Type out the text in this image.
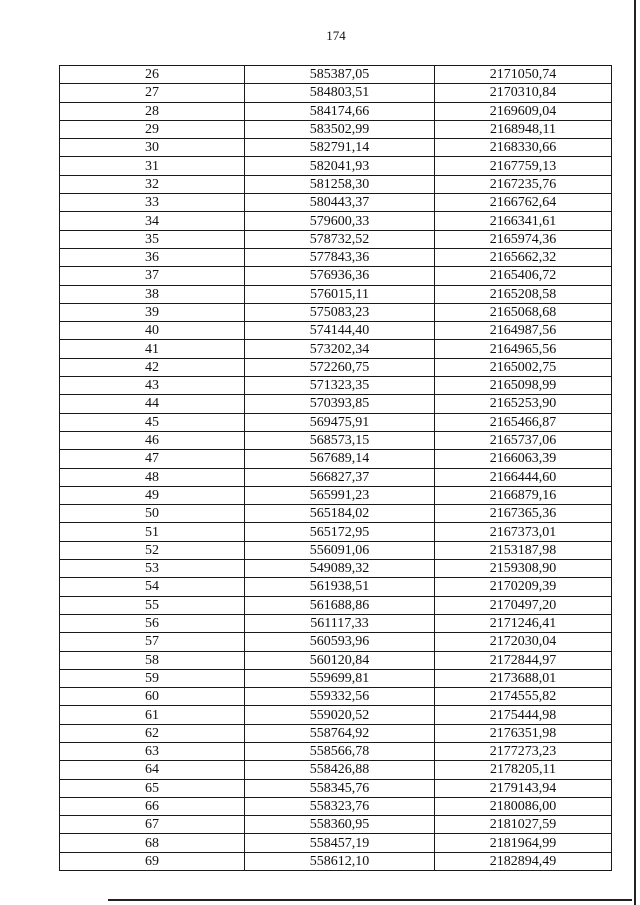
174
26	585387,05	2171050,74
27	584803,51	2170310,84
28	584174,66	2169609,04
29	583502,99	2168948,11
30	582791,14	2168330,66
31	582041,93	2167759,13
32	581258,30	2167235,76
33	580443,37	2166762,64
34	579600,33	2166341,61
35	578732,52	2165974,36
36	577843,36	2165662,32
37	576936,36	2165406,72
38	576015,11	2165208,58
39	575083,23	2165068,68
40	574144,40	2164987,56
41	573202,34	2164965,56
42	572260,75	2165002,75
43	571323,35	2165098,99
44	570393,85	2165253,90
45	569475,91	2165466,87
46	568573,15	2165737,06
47	567689,14	2166063,39
48	566827,37	2166444,60
49	565991,23	2166879,16
50	565184,02	2167365,36
51	565172,95	2167373,01
52	556091,06	2153187,98
53	549089,32	2159308,90
54	561938,51	2170209,39
55	561688,86	2170497,20
56	561117,33	2171246,41
57	560593,96	2172030,04
58	560120,84	2172844,97
59	559699,81	2173688,01
60	559332,56	2174555,82
61	559020,52	2175444,98
62	558764,92	2176351,98
63	558566,78	2177273,23
64	558426,88	2178205,11
65	558345,76	2179143,94
66	558323,76	2180086,00
67	558360,95	2181027,59
68	558457,19	2181964,99
69	558612,10	2182894,49
